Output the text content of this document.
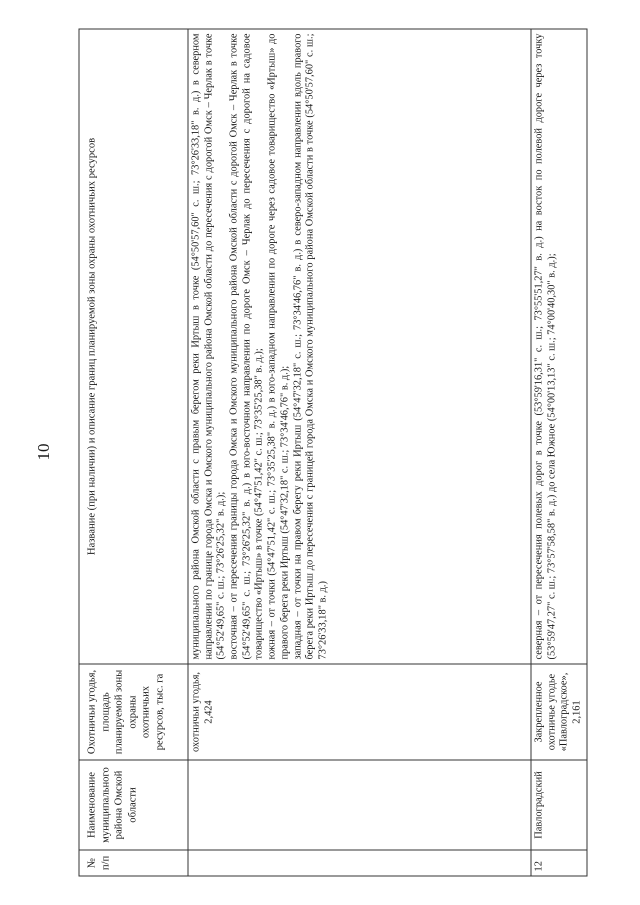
10
№ п/п	Наименование муниципального района Омской области	Охотничьи угодья, площадь планируемой зоны охраны охотничьих ресурсов, тыс. га	Название (при наличии) и описание границ планируемой зоны охраны охотничьих ресурсов
		охотничьи угодья, 2,424	муниципального района Омской области с правым берегом реки Иртыш в точке (54°50'57,60" с. ш.; 73°26'33,18" в. д.) в северном направлении по границе города Омска и Омского муниципального района Омской области до пересечения с дорогой Омск – Черлак в точке (54°52'49,65" с. ш.; 73°26'25,32" в. д.); восточная – от пересечения границы города Омска и Омского муниципального района Омской области с дорогой Омск – Черлак в точке (54°52'49,65" с. ш.; 73°26'25,32" в. д.) в юго-восточном направлении по дороге Омск – Черлак до пересечения с дорогой на садовое товарищество «Иртыш» в точке (54°47'51,42" с. ш.; 73°35'25,38" в. д.); южная – от точки (54°47'51,42" с. ш.; 73°35'25,38" в. д.) в юго-западном направлении по дороге через садовое товарищество «Иртыш» до правого берега реки Иртыш (54°47'32,18" с. ш.; 73°34'46,76" в. д.); западная – от точки на правом берегу реки Иртыш (54°47'32,18" с. ш.; 73°34'46,76" в. д.) в северо-западном направлении вдоль правого берега реки Иртыш до пересечения с границей города Омска и Омского муниципального района Омской области в точке (54°50'57,60" с. ш.; 73°26'33,18" в. д.)

12	Павлоградский	Закрепленное охотничье угодье «Павлоградское», 2,161	северная – от пересечения полевых дорог в точке (53°59'16,31" с. ш.; 73°55'51,27" в. д.) на восток по полевой дороге через точку (53°59'47,27" с. ш.; 73°57'58,58" в. д.) до села Южное (54°00'13,13" с. ш.; 74°00'40,30" в. д.);
